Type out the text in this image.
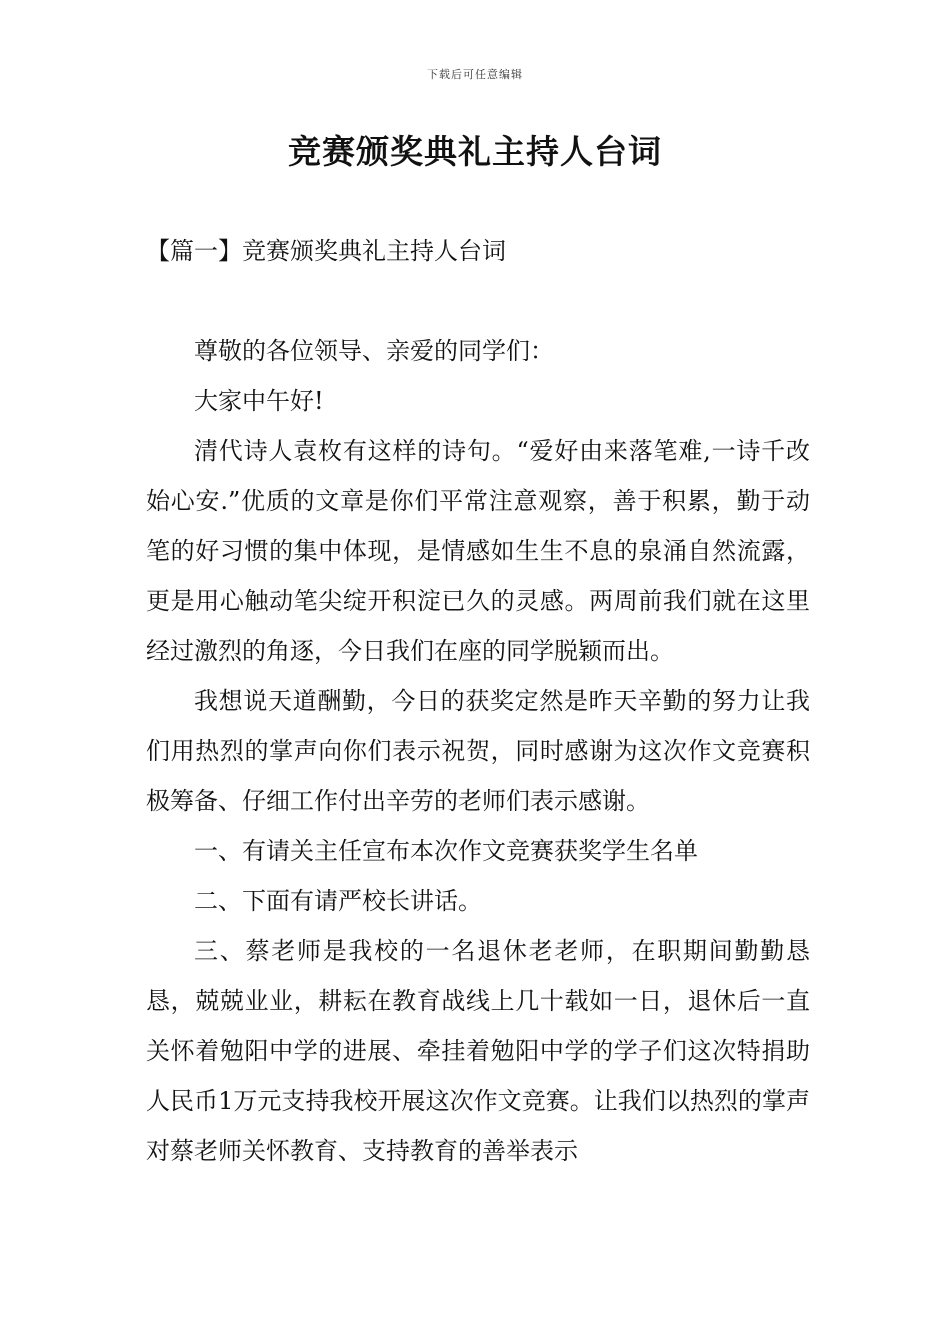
下载后可任意编辑
竞赛颁奖典礼主持人台词
【篇一】竞赛颁奖典礼主持人台词

尊敬的各位领导、亲爱的同学们：

大家中午好!

清代诗人袁枚有这样的诗句。“爱好由来落笔难,一诗千改始心安.”优质的文章是你们平常注意观察，善于积累，勤于动笔的好习惯的集中体现，是情感如生生不息的泉涌自然流露，更是用心触动笔尖绽开积淀已久的灵感。两周前我们就在这里经过激烈的角逐，今日我们在座的同学脱颖而出。

我想说天道酬勤，今日的获奖定然是昨天辛勤的努力让我们用热烈的掌声向你们表示祝贺，同时感谢为这次作文竞赛积极筹备、仔细工作付出辛劳的老师们表示感谢。

一、有请关主任宣布本次作文竞赛获奖学生名单

二、下面有请严校长讲话。

三、蔡老师是我校的一名退休老老师，在职期间勤勤恳恳，兢兢业业，耕耘在教育战线上几十载如一日，退休后一直关怀着勉阳中学的进展、牵挂着勉阳中学的学子们这次特捐助人民币1万元支持我校开展这次作文竞赛。让我们以热烈的掌声对蔡老师关怀教育、支持教育的善举表示
